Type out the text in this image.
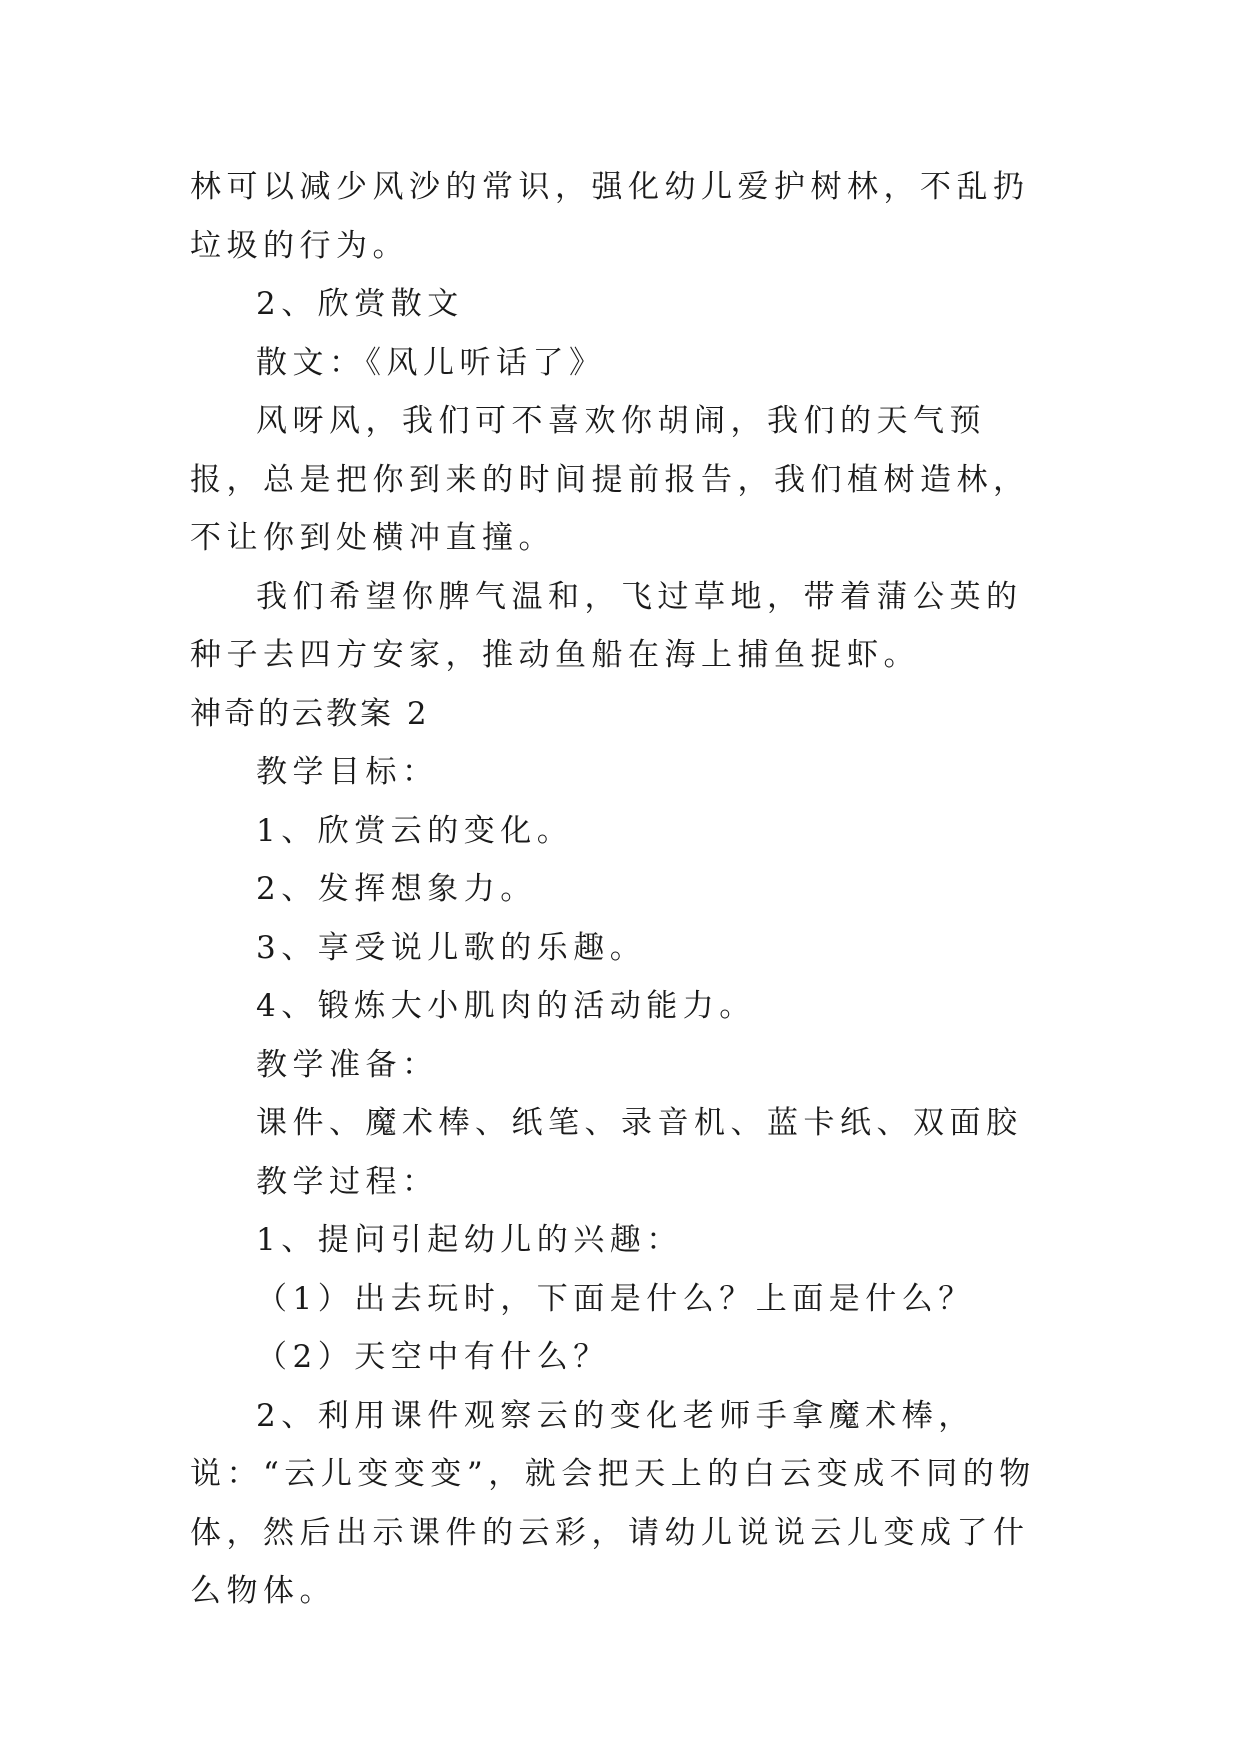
林可以减少风沙的常识，强化幼儿爱护树林，不乱扔垃圾的行为。

2、欣赏散文

散文：《风儿听话了》

风呀风，我们可不喜欢你胡闹，我们的天气预报，总是把你到来的时间提前报告，我们植树造林，不让你到处横冲直撞。

我们希望你脾气温和，飞过草地，带着蒲公英的种子去四方安家，推动鱼船在海上捕鱼捉虾。

神奇的云教案 2

教学目标：

1、欣赏云的变化。

2、发挥想象力。

3、享受说儿歌的乐趣。

4、锻炼大小肌肉的活动能力。

教学准备：

课件、魔术棒、纸笔、录音机、蓝卡纸、双面胶

教学过程：

1、提问引起幼儿的兴趣：

（1）出去玩时，下面是什么？上面是什么？

（2）天空中有什么？

2、利用课件观察云的变化老师手拿魔术棒，说：“云儿变变变”，就会把天上的白云变成不同的物体，然后出示课件的云彩，请幼儿说说云儿变成了什么物体。
